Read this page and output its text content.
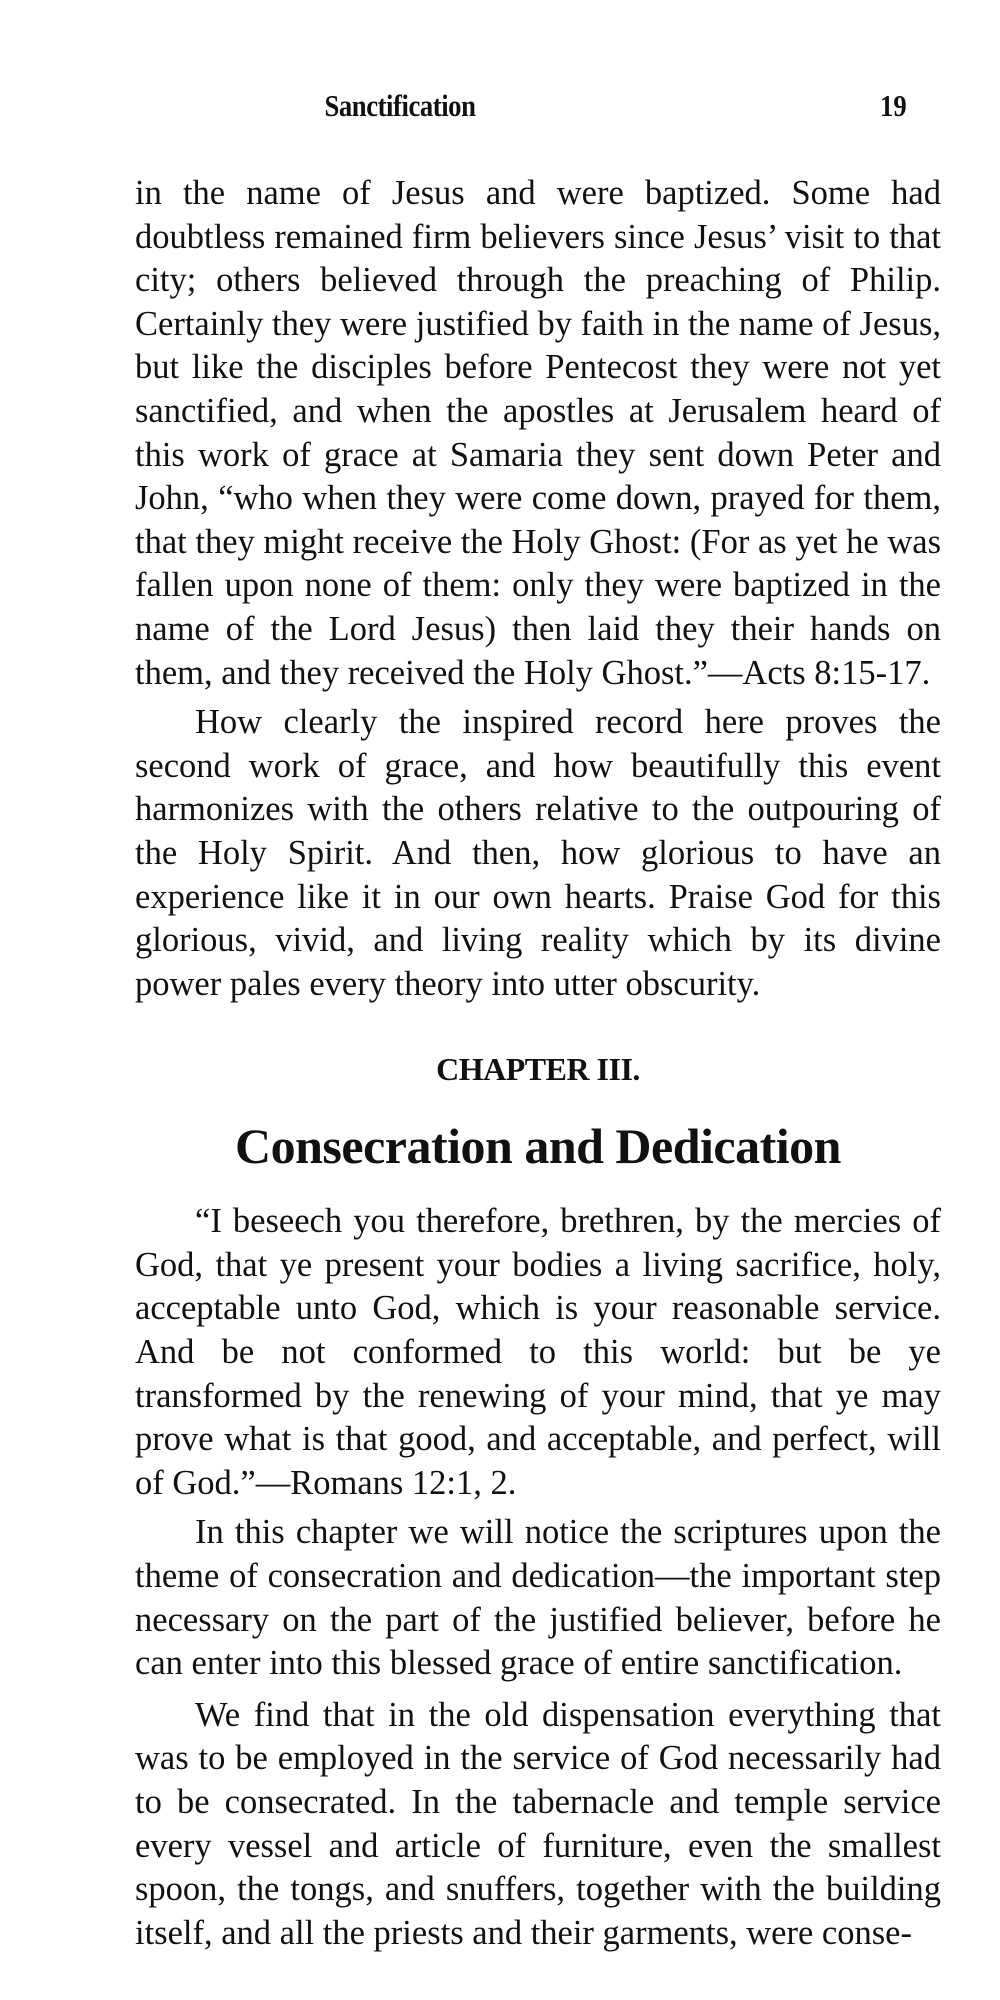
Sanctification	19

in the name of Jesus and were baptized. Some had doubtless remained firm believers since Jesus’ visit to that city; others believed through the preaching of Philip. Certainly they were justified by faith in the name of Jesus, but like the disciples before Pentecost they were not yet sanctified, and when the apostles at Jerusalem heard of this work of grace at Samaria they sent down Peter and John, “who when they were come down, prayed for them, that they might receive the Holy Ghost: (For as yet he was fallen upon none of them: only they were baptized in the name of the Lord Jesus) then laid they their hands on them, and they received the Holy Ghost.”—Acts 8:15-17.

How clearly the inspired record here proves the second work of grace, and how beautifully this event harmonizes with the others relative to the outpouring of the Holy Spirit. And then, how glorious to have an experience like it in our own hearts. Praise God for this glorious, vivid, and living reality which by its divine power pales every theory into utter obscurity.

CHAPTER III.
Consecration and Dedication

“I beseech you therefore, brethren, by the mercies of God, that ye present your bodies a living sacrifice, holy, acceptable unto God, which is your reasonable service. And be not conformed to this world: but be ye transformed by the renewing of your mind, that ye may prove what is that good, and acceptable, and perfect, will of God.”—Romans 12:1, 2.

In this chapter we will notice the scriptures upon the theme of consecration and dedication—the important step necessary on the part of the justified believer, before he can enter into this blessed grace of entire sanctification.

We find that in the old dispensation everything that was to be employed in the service of God necessarily had to be consecrated. In the tabernacle and temple service every vessel and article of furniture, even the smallest spoon, the tongs, and snuffers, together with the building itself, and all the priests and their garments, were conse-
